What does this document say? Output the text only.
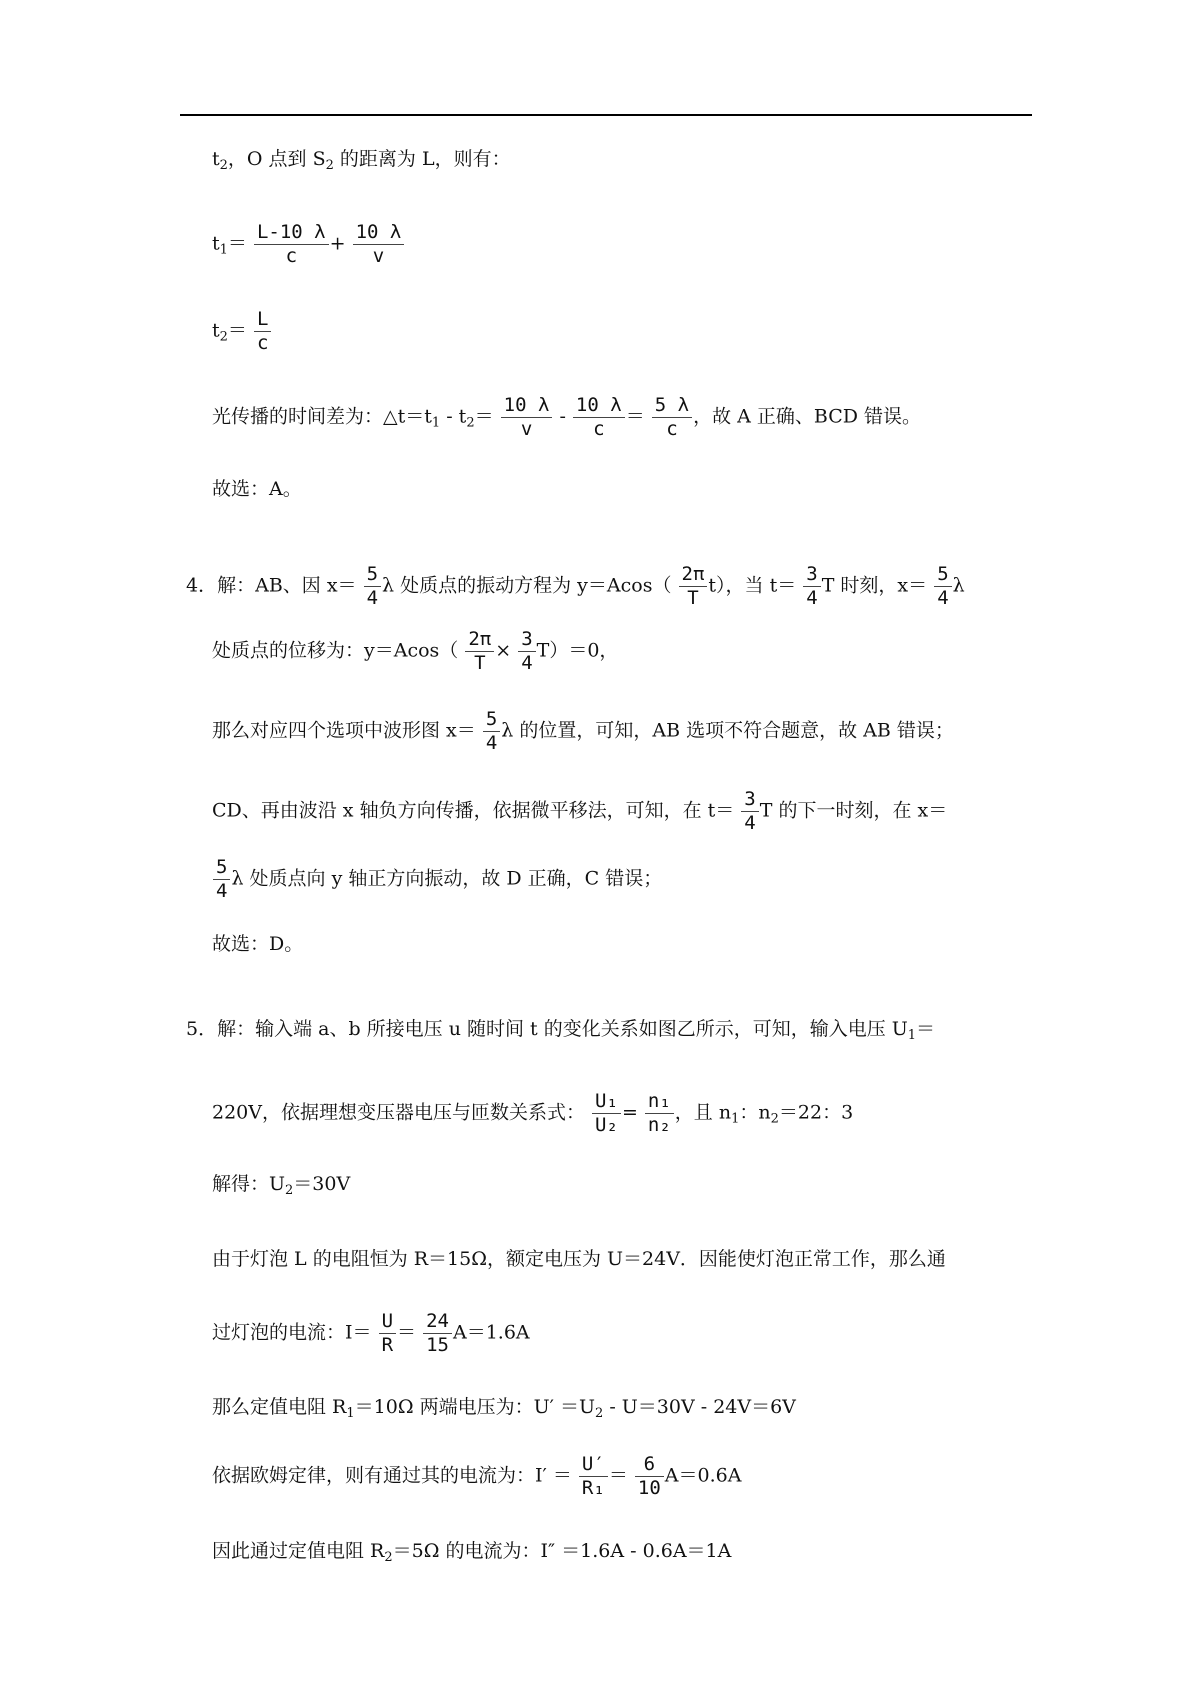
$t_2$，O 点到 $S_2$ 的距离为 L，则有：
$t_1= \frac{L-10 \lambda}{c} + \frac{10 \lambda}{v}$
$t_2= \frac{L}{c}$
光传播的时间差为：$\triangle t=t_1 - t_2= \frac{10 \lambda}{v} - \frac{10 \lambda}{c} = \frac{5 \lambda}{c}$ ，故 A 正确、BCD 错误。
故选：A。
4．解：AB、因 $x= \frac{5}{4}$ λ 处质点的振动方程为 $y=Acos( \frac{2\pi}{T} t)$，当 $t= \frac{3}{4}$ T 时刻，$x= \frac{5}{4}$ λ
处质点的位移为：$y=Acos( \frac{2\pi}{T} \times \frac{3}{4} T)=0$，
那么对应四个选项中波形图 $x= \frac{5}{4}$ λ 的位置，可知，AB 选项不符合题意，故 AB 错误；
CD、再由波沿 x 轴负方向传播，依据微平移法，可知，在 $t= \frac{3}{4}$ T 的下一时刻，在 x＝
$\frac{5}{4}$ λ 处质点向 y 轴正方向振动，故 D 正确，C 错误；
故选：D。
5．解：输入端 a、b 所接电压 u 随时间 t 的变化关系如图乙所示，可知，输入电压 $U_1=$
220V，依据理想变压器电压与匝数关系式： $\frac{\text{U₁}}{\text{U₂}} = \frac{\text{n₁}}{\text{n₂}}$ ，且 $n_1$：$n_2=22$：3
解得：$U_2=30V$
由于灯泡 L 的电阻恒为 R＝15Ω，额定电压为 U＝24V．因能使灯泡正常工作，那么通
过灯泡的电流：$I= \frac{U}{R} = \frac{24}{15} A=1.6A$
那么定值电阻 $R_1=10\Omega$ 两端电压为：$U' =U_2 - U=30V - 24V=6V$
依据欧姆定律，则有通过其的电流为：$I' = \frac{U'}{\text{R₁}} = \frac{6}{10} A=0.6A$
因此通过定值电阻 $R_2=5\Omega$ 的电流为：I″ ＝1.6A - 0.6A＝1A
